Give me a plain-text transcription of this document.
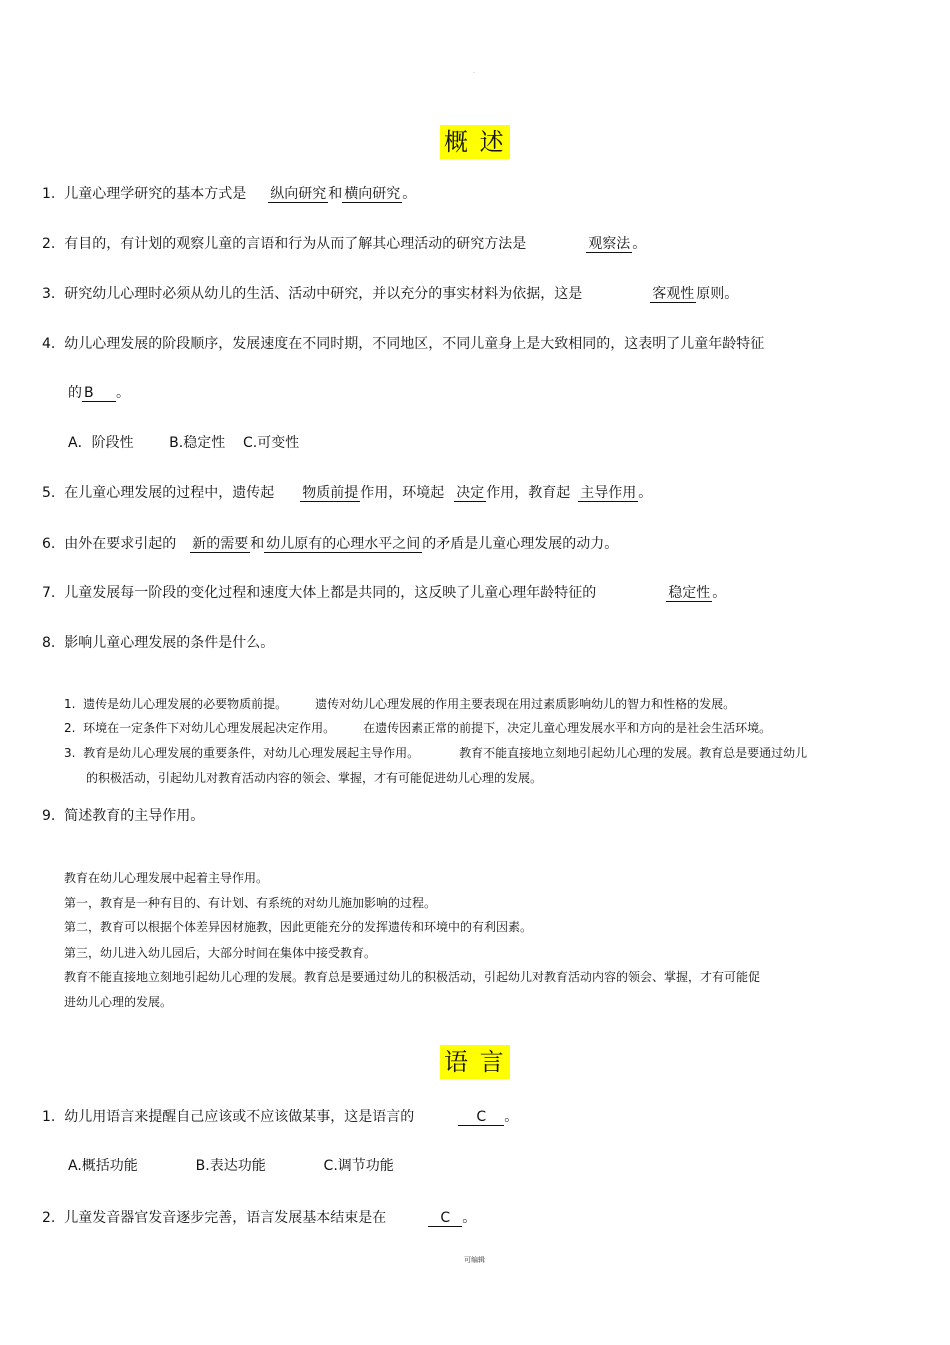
·
概 述
1. 儿童心理学研究的基本方式是 纵向研究 和 横向研究 。
2. 有目的，有计划的观察儿童的言语和行为从而了解其心理活动的研究方法是	观察法 。
3. 研究幼儿心理时必须从幼儿的生活、活动中研究，并以充分的事实材料为依据，这是	客观性 原则。
4. 幼儿心理发展的阶段顺序，发展速度在不同时期，不同地区，不同儿童身上是大致相同的，这表明了儿童年龄特征
的 B 。
A．阶段性        B.稳定性    C.可变性
5. 在儿童心理发展的过程中，遗传起 物质前提 作用，环境起 决定 作用，教育起 主导作用 。
6. 由外在要求引起的 新的需要 和 幼儿原有的心理水平之间 的矛盾是儿童心理发展的动力。
7. 儿童发展每一阶段的变化过程和速度大体上都是共同的，这反映了儿童心理年龄特征的	稳定性 。
8. 影响儿童心理发展的条件是什么。
1. 遗传是幼儿心理发展的必要物质前提。 遗传对幼儿心理发展的作用主要表现在用过素质影响幼儿的智力和性格的发展。
2. 环境在一定条件下对幼儿心理发展起决定作用。 在遗传因素正常的前提下，决定儿童心理发展水平和方向的是社会生活环境。
3. 教育是幼儿心理发展的重要条件，对幼儿心理发展起主导作用。	教育不能直接地立刻地引起幼儿心理的发展。教育总是要通过幼儿
的积极活动，引起幼儿对教育活动内容的领会、掌握，才有可能促进幼儿心理的发展。
9. 简述教育的主导作用。
教育在幼儿心理发展中起着主导作用。
第一，教育是一种有目的、有计划、有系统的对幼儿施加影响的过程。
第二，教育可以根据个体差异因材施教，因此更能充分的发挥遗传和环境中的有利因素。
第三，幼儿进入幼儿园后，大部分时间在集体中接受教育。
教育不能直接地立刻地引起幼儿心理的发展。教育总是要通过幼儿的积极活动，引起幼儿对教育活动内容的领会、掌握，才有可能促
进幼儿心理的发展。
语 言
1. 幼儿用语言来提醒自己应该或不应该做某事，这是语言的	C 。
A.概括功能             B.表达功能             C.调节功能
2. 儿童发音器官发音逐步完善，语言发展基本结束是在	C 。
可编辑
